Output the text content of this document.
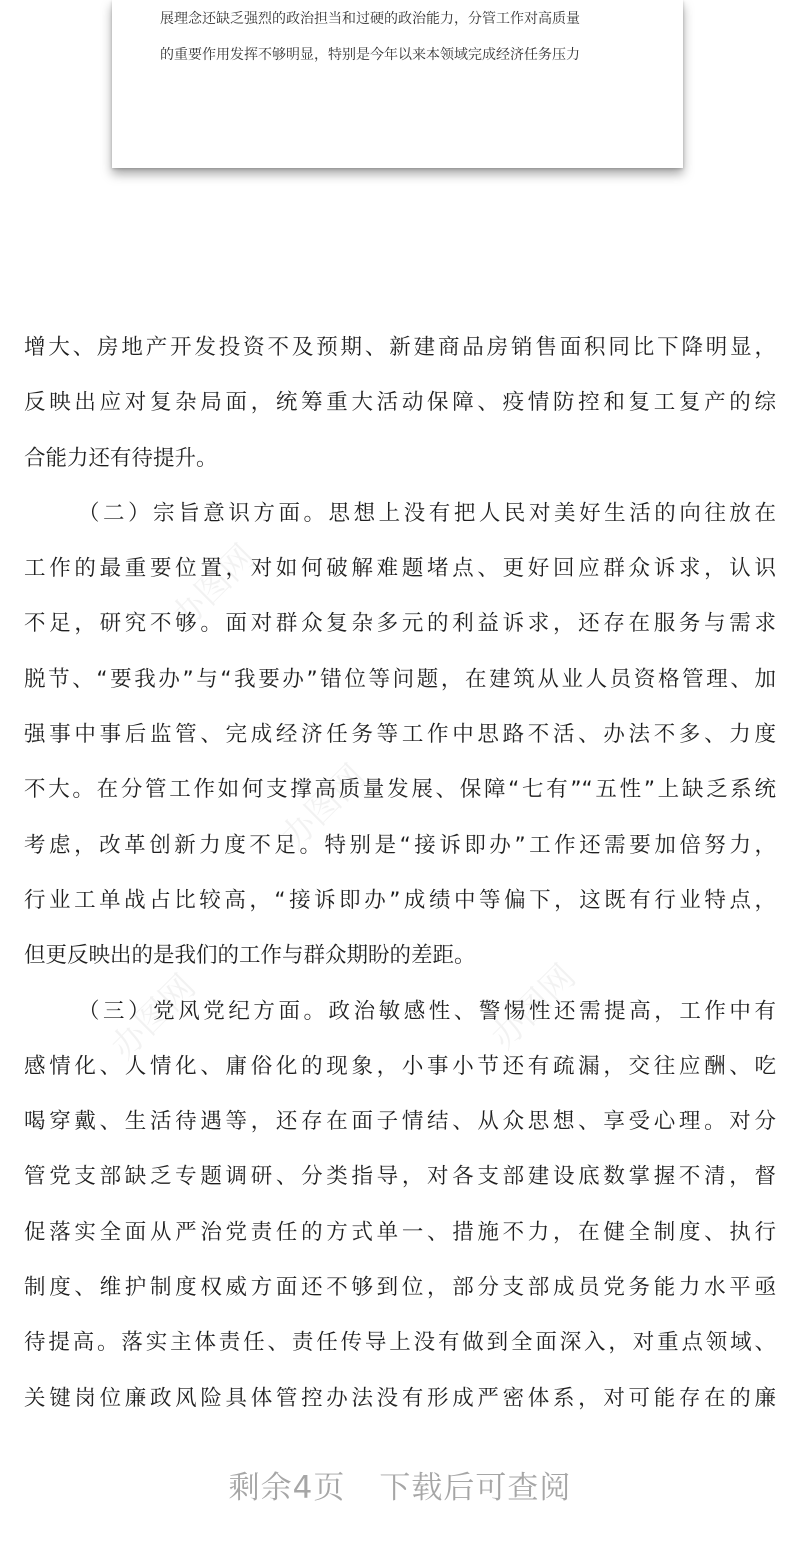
展理念还缺乏强烈的政治担当和过硬的政治能力，分管工作对高质量
的重要作用发挥不够明显，特别是今年以来本领域完成经济任务压力
办图网
办图网
办图网	办图网
增大、房地产开发投资不及预期、新建商品房销售面积同比下降明显，
反映出应对复杂局面，统筹重大活动保障、疫情防控和复工复产的综
合能力还有待提升。
（二）宗旨意识方面。思想上没有把人民对美好生活的向往放在
工作的最重要位置，对如何破解难题堵点、更好回应群众诉求，认识
不足，研究不够。面对群众复杂多元的利益诉求，还存在服务与需求
脱节、“要我办”与“我要办”错位等问题，在建筑从业人员资格管理、加
强事中事后监管、完成经济任务等工作中思路不活、办法不多、力度
不大。在分管工作如何支撑高质量发展、保障“七有”“五性”上缺乏系统
考虑，改革创新力度不足。特别是“接诉即办”工作还需要加倍努力，
行业工单战占比较高，“接诉即办”成绩中等偏下，这既有行业特点，
但更反映出的是我们的工作与群众期盼的差距。
（三）党风党纪方面。政治敏感性、警惕性还需提高，工作中有
感情化、人情化、庸俗化的现象，小事小节还有疏漏，交往应酬、吃
喝穿戴、生活待遇等，还存在面子情结、从众思想、享受心理。对分
管党支部缺乏专题调研、分类指导，对各支部建设底数掌握不清，督
促落实全面从严治党责任的方式单一、措施不力，在健全制度、执行
制度、维护制度权威方面还不够到位，部分支部成员党务能力水平亟
待提高。落实主体责任、责任传导上没有做到全面深入，对重点领域、
关键岗位廉政风险具体管控办法没有形成严密体系，对可能存在的廉
剩余4页 下载后可查阅
